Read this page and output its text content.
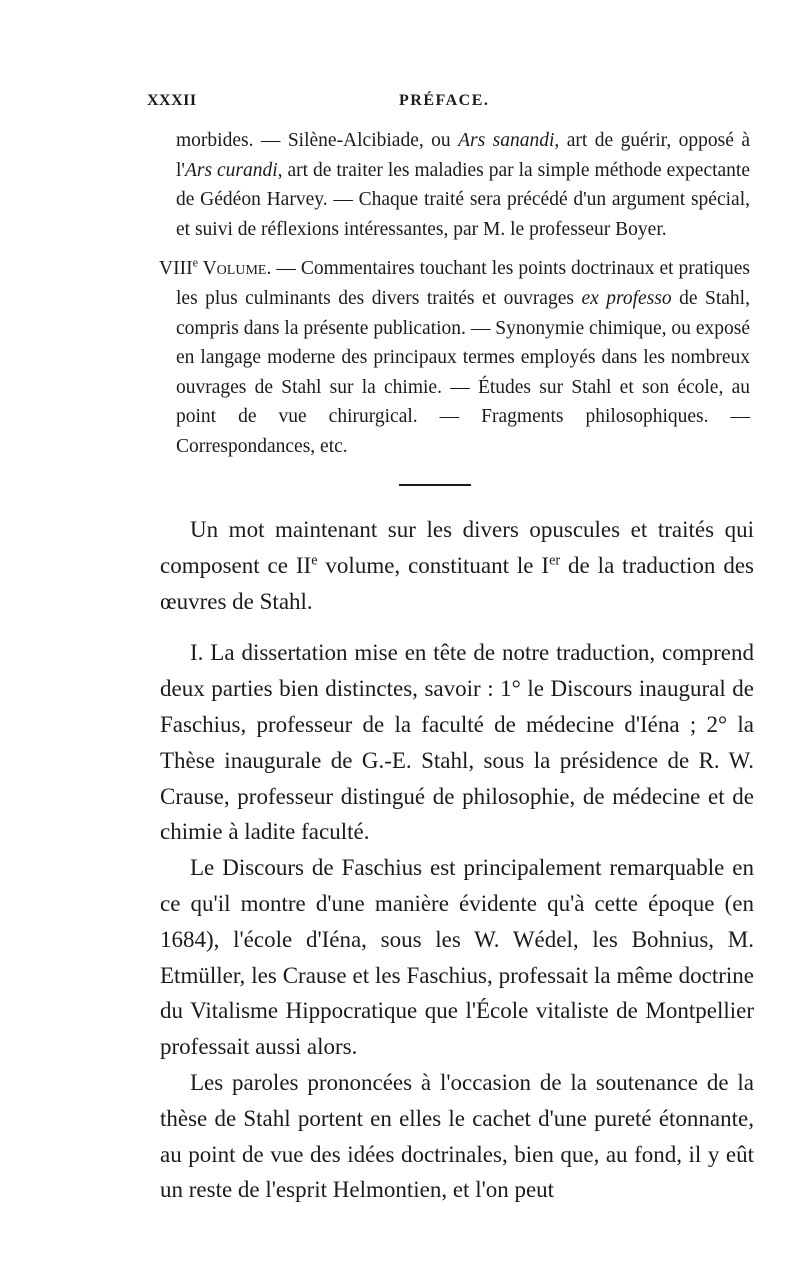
XXXII	PRÉFACE.

morbides. — Silène-Alcibiade, ou Ars sanandi, art de guérir, opposé à l'Ars curandi, art de traiter les maladies par la simple méthode expectante de Gédéon Harvey. — Chaque traité sera précédé d'un argument spécial, et suivi de réflexions intéressantes, par M. le professeur Boyer.

VIIIe Volume. — Commentaires touchant les points doctrinaux et pratiques les plus culminants des divers traités et ouvrages ex professo de Stahl, compris dans la présente publication. — Synonymie chimique, ou exposé en langage moderne des principaux termes employés dans les nombreux ouvrages de Stahl sur la chimie. — Études sur Stahl et son école, au point de vue chirurgical. — Fragments philosophiques. — Correspondances, etc.

Un mot maintenant sur les divers opuscules et traités qui composent ce IIe volume, constituant le Ier de la traduction des œuvres de Stahl.

I. La dissertation mise en tête de notre traduction, comprend deux parties bien distinctes, savoir : 1° le Discours inaugural de Faschius, professeur de la faculté de médecine d'Iéna ; 2° la Thèse inaugurale de G.-E. Stahl, sous la présidence de R. W. Crause, professeur distingué de philosophie, de médecine et de chimie à ladite faculté.

Le Discours de Faschius est principalement remarquable en ce qu'il montre d'une manière évidente qu'à cette époque (en 1684), l'école d'Iéna, sous les W. Wédel, les Bohnius, M. Etmüller, les Crause et les Faschius, professait la même doctrine du Vitalisme Hippocratique que l'École vitaliste de Montpellier professait aussi alors.

Les paroles prononcées à l'occasion de la soutenance de la thèse de Stahl portent en elles le cachet d'une pureté étonnante, au point de vue des idées doctrinales, bien que, au fond, il y eût un reste de l'esprit Helmontien, et l'on peut
